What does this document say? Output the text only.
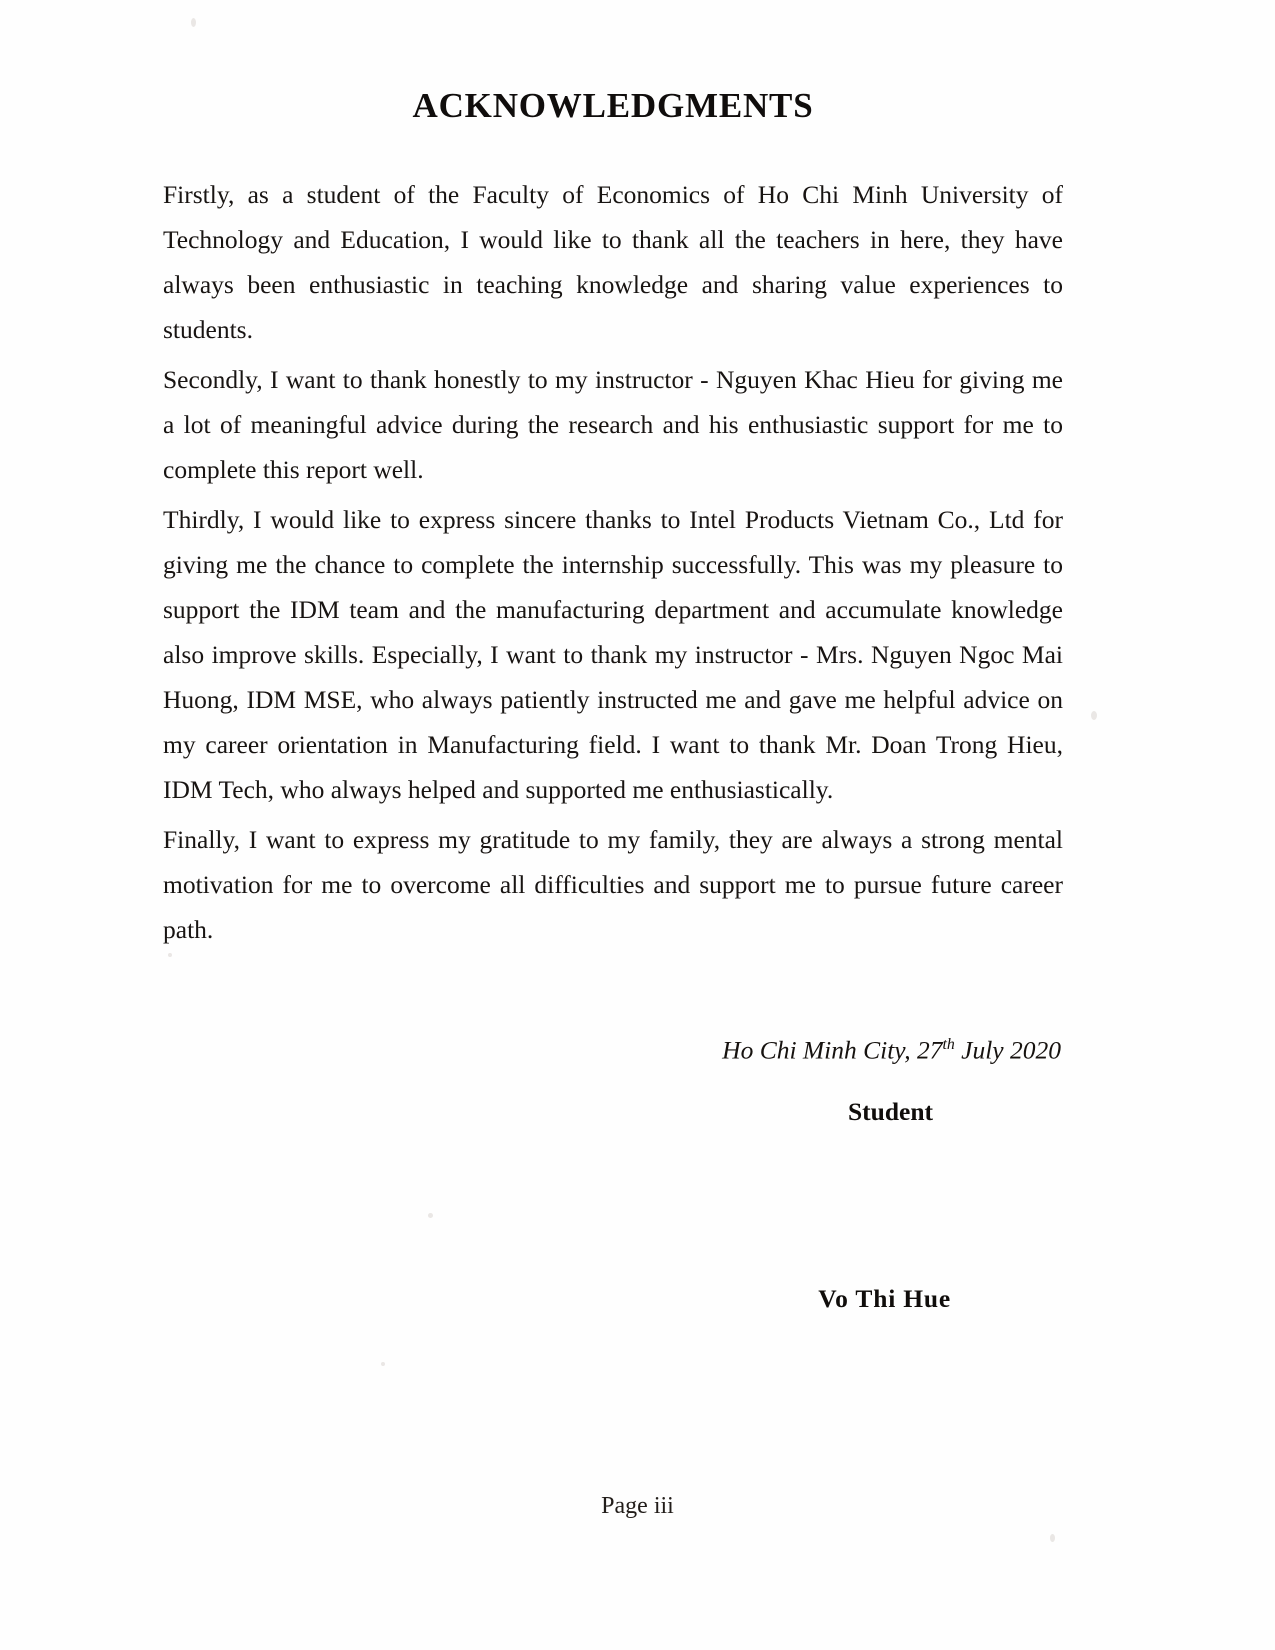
ACKNOWLEDGMENTS

Firstly, as a student of the Faculty of Economics of Ho Chi Minh University of Technology and Education, I would like to thank all the teachers in here, they have always been enthusiastic in teaching knowledge and sharing value experiences to students.

Secondly, I want to thank honestly to my instructor - Nguyen Khac Hieu for giving me a lot of meaningful advice during the research and his enthusiastic support for me to complete this report well.

Thirdly, I would like to express sincere thanks to Intel Products Vietnam Co., Ltd for giving me the chance to complete the internship successfully. This was my pleasure to support the IDM team and the manufacturing department and accumulate knowledge also improve skills. Especially, I want to thank my instructor - Mrs. Nguyen Ngoc Mai Huong, IDM MSE, who always patiently instructed me and gave me helpful advice on my career orientation in Manufacturing field. I want to thank Mr. Doan Trong Hieu, IDM Tech, who always helped and supported me enthusiastically.

Finally, I want to express my gratitude to my family, they are always a strong mental motivation for me to overcome all difficulties and support me to pursue future career path.

Ho Chi Minh City, 27th July 2020
Student
Vo Thi Hue
Page iii
